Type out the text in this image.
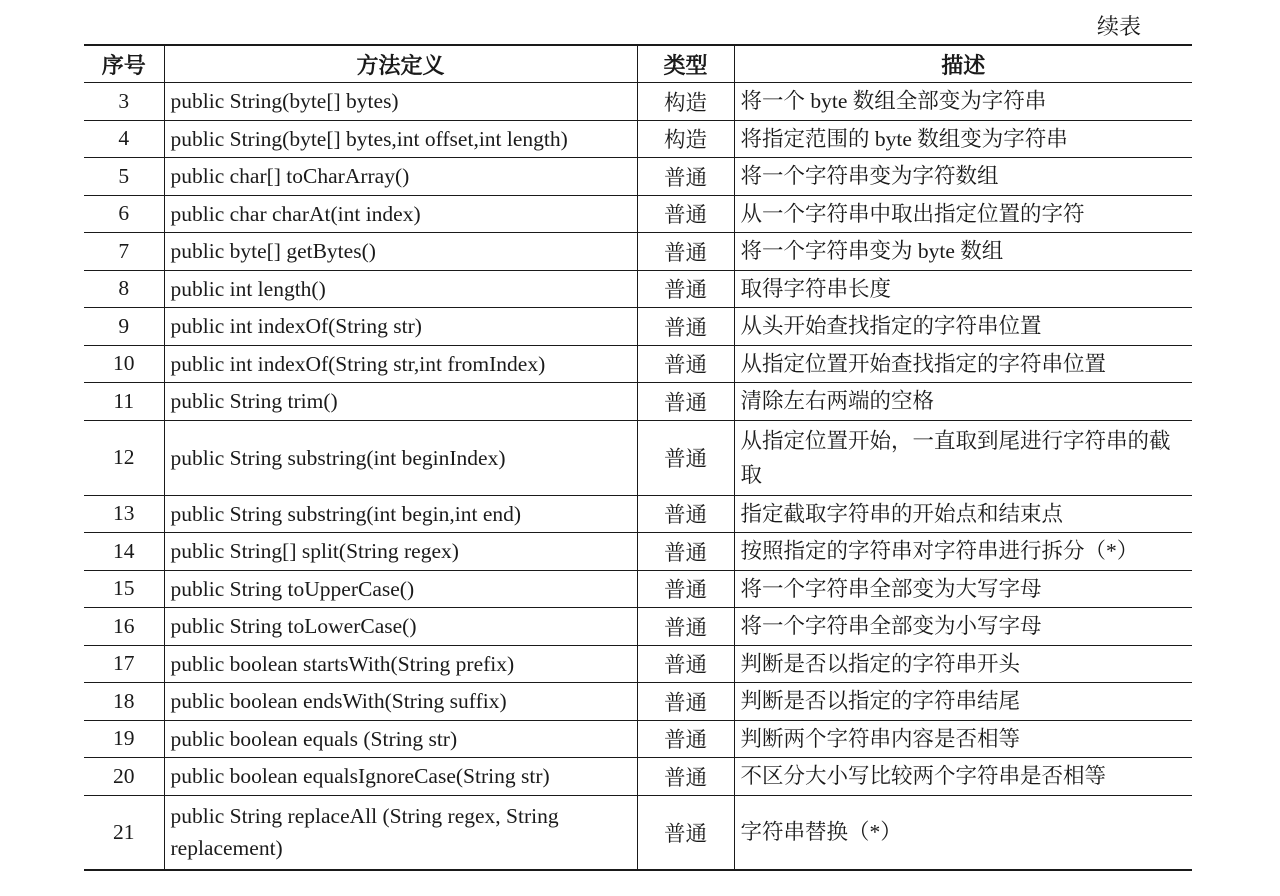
续表
序号	方法定义	类型	描述
3	public String(byte[] bytes)	构造	将一个 byte 数组全部变为字符串
4	public String(byte[] bytes,int offset,int length)	构造	将指定范围的 byte 数组变为字符串
5	public char[] toCharArray()	普通	将一个字符串变为字符数组
6	public char charAt(int index)	普通	从一个字符串中取出指定位置的字符
7	public byte[] getBytes()	普通	将一个字符串变为 byte 数组
8	public int length()	普通	取得字符串长度
9	public int indexOf(String str)	普通	从头开始查找指定的字符串位置
10	public int indexOf(String str,int fromIndex)	普通	从指定位置开始查找指定的字符串位置
11	public String trim()	普通	清除左右两端的空格
12	public String substring(int beginIndex)	普通	从指定位置开始，一直取到尾进行字符串的截取
13	public String substring(int begin,int end)	普通	指定截取字符串的开始点和结束点
14	public String[] split(String regex)	普通	按照指定的字符串对字符串进行拆分（*）
15	public String toUpperCase()	普通	将一个字符串全部变为大写字母
16	public String toLowerCase()	普通	将一个字符串全部变为小写字母
17	public boolean startsWith(String prefix)	普通	判断是否以指定的字符串开头
18	public boolean endsWith(String suffix)	普通	判断是否以指定的字符串结尾
19	public boolean equals (String str)	普通	判断两个字符串内容是否相等
20	public boolean equalsIgnoreCase(String str)	普通	不区分大小写比较两个字符串是否相等
21	public String replaceAll (String regex, String replacement)	普通	字符串替换（*）
